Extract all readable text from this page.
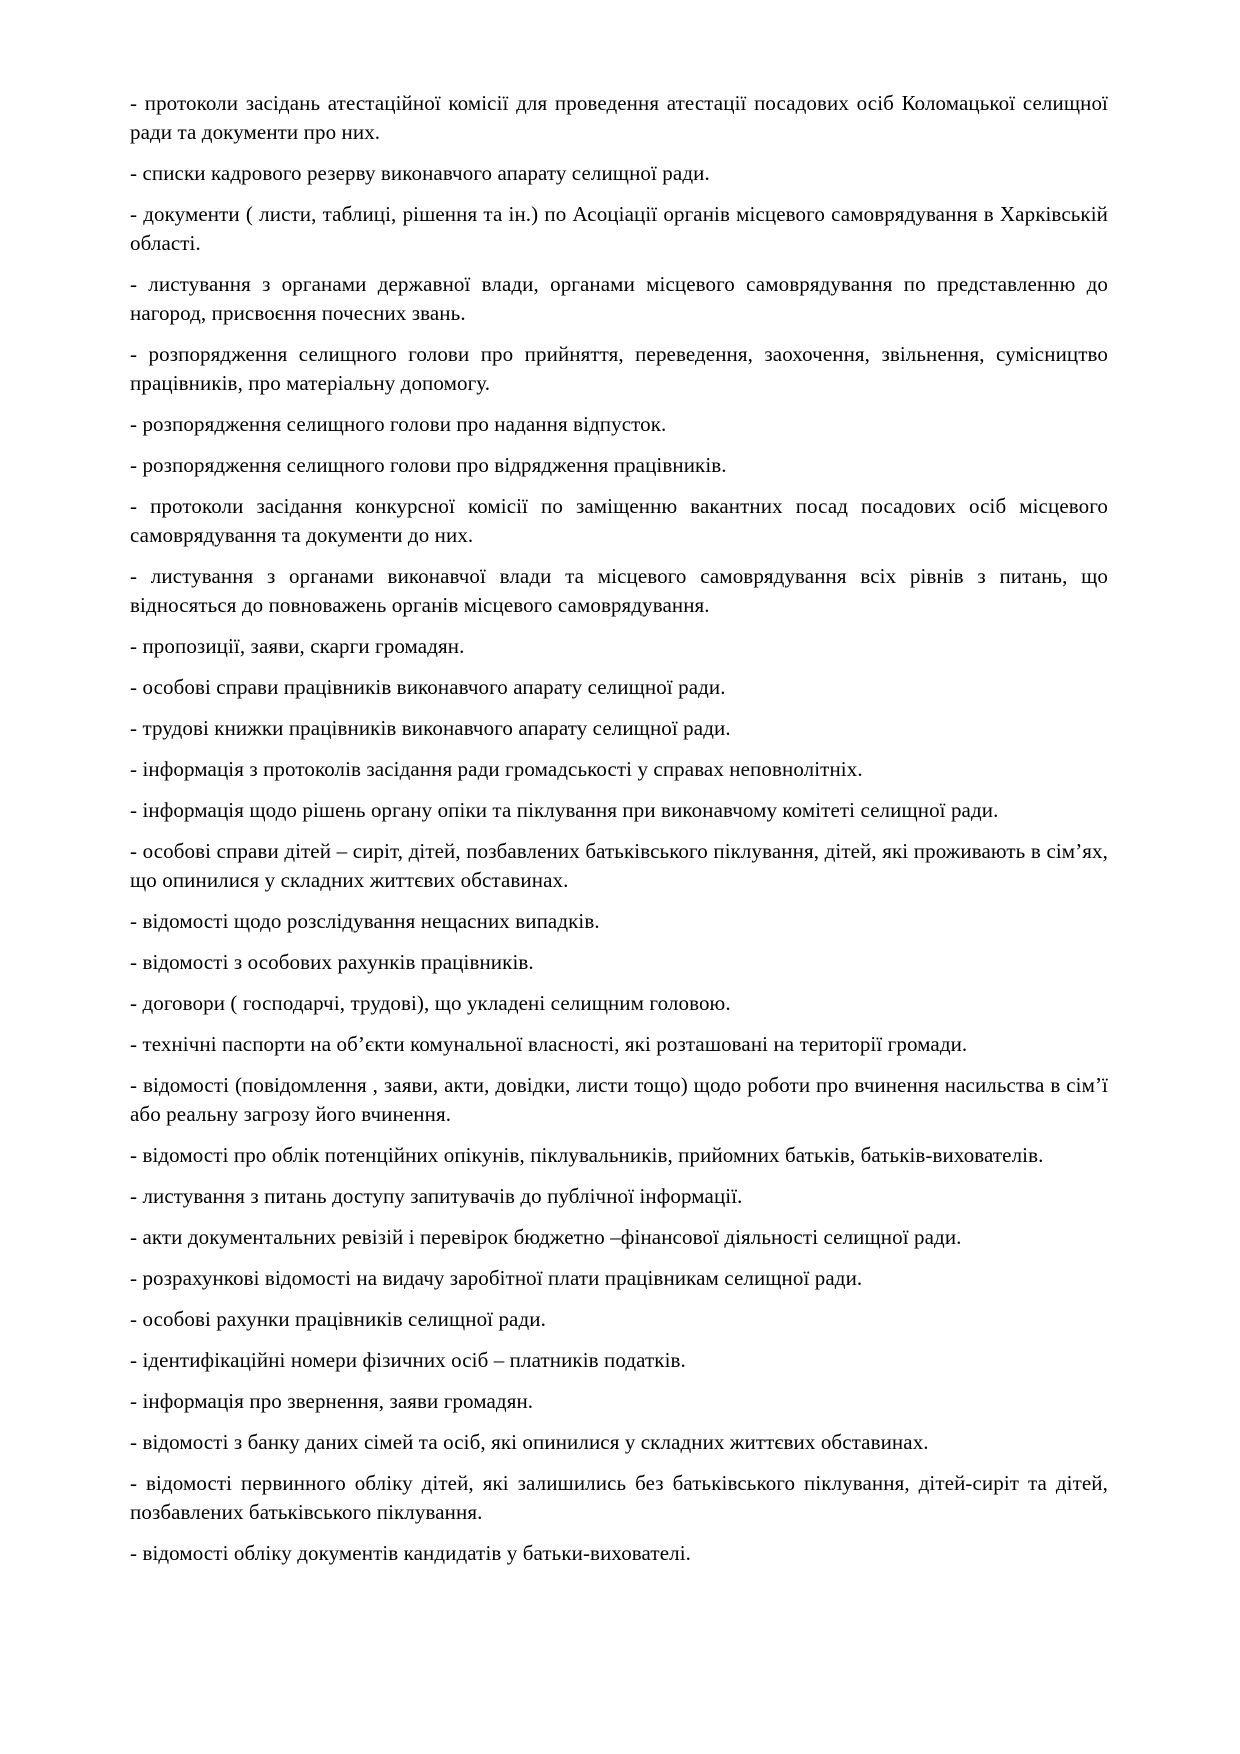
- протоколи засідань атестаційної комісії для проведення атестації посадових осіб Коломацької селищної ради та документи про них.

- списки кадрового резерву виконавчого апарату селищної ради.

- документи ( листи, таблиці, рішення та ін.) по Асоціації органів місцевого самоврядування в Харківській області.

- листування з органами державної влади, органами місцевого самоврядування по представленню до нагород, присвоєння почесних звань.

- розпорядження селищного голови про прийняття, переведення, заохочення, звільнення, сумісництво працівників, про матеріальну допомогу.

- розпорядження селищного голови про надання відпусток.

- розпорядження селищного голови про відрядження працівників.

- протоколи засідання конкурсної комісії по заміщенню вакантних посад посадових осіб місцевого самоврядування та документи до них.

- листування з органами виконавчої влади та місцевого самоврядування всіх рівнів з питань, що відносяться до повноважень органів місцевого самоврядування.

- пропозиції, заяви, скарги громадян.

- особові справи працівників виконавчого апарату селищної ради.

- трудові книжки працівників виконавчого апарату селищної ради.

- інформація з протоколів засідання ради громадськості у справах неповнолітніх.

- інформація щодо рішень органу опіки та піклування при виконавчому комітеті селищної ради.

- особові справи дітей – сиріт, дітей, позбавлених батьківського піклування, дітей, які проживають в сім’ях, що опинилися у складних життєвих обставинах.

- відомості щодо розслідування нещасних випадків.

- відомості з особових рахунків працівників.

- договори ( господарчі, трудові), що укладені селищним головою.

- технічні паспорти на об’єкти комунальної власності, які розташовані на території громади.

- відомості (повідомлення , заяви, акти, довідки, листи тощо) щодо роботи про вчинення насильства в сім’ї або реальну загрозу його вчинення.

- відомості про облік потенційних опікунів, піклувальників, прийомних батьків, батьків-вихователів.

- листування з питань доступу запитувачів до публічної інформації.

- акти документальних ревізій і перевірок бюджетно –фінансової діяльності селищної ради.

- розрахункові відомості на видачу заробітної плати працівникам селищної ради.

- особові рахунки працівників селищної ради.

- ідентифікаційні номери фізичних осіб – платників податків.

- інформація про звернення, заяви громадян.

- відомості з банку даних сімей та осіб, які опинилися у складних життєвих обставинах.

- відомості первинного обліку дітей, які залишились без батьківського піклування, дітей-сиріт та дітей, позбавлених батьківського піклування.

- відомості обліку документів кандидатів у батьки-вихователі.
